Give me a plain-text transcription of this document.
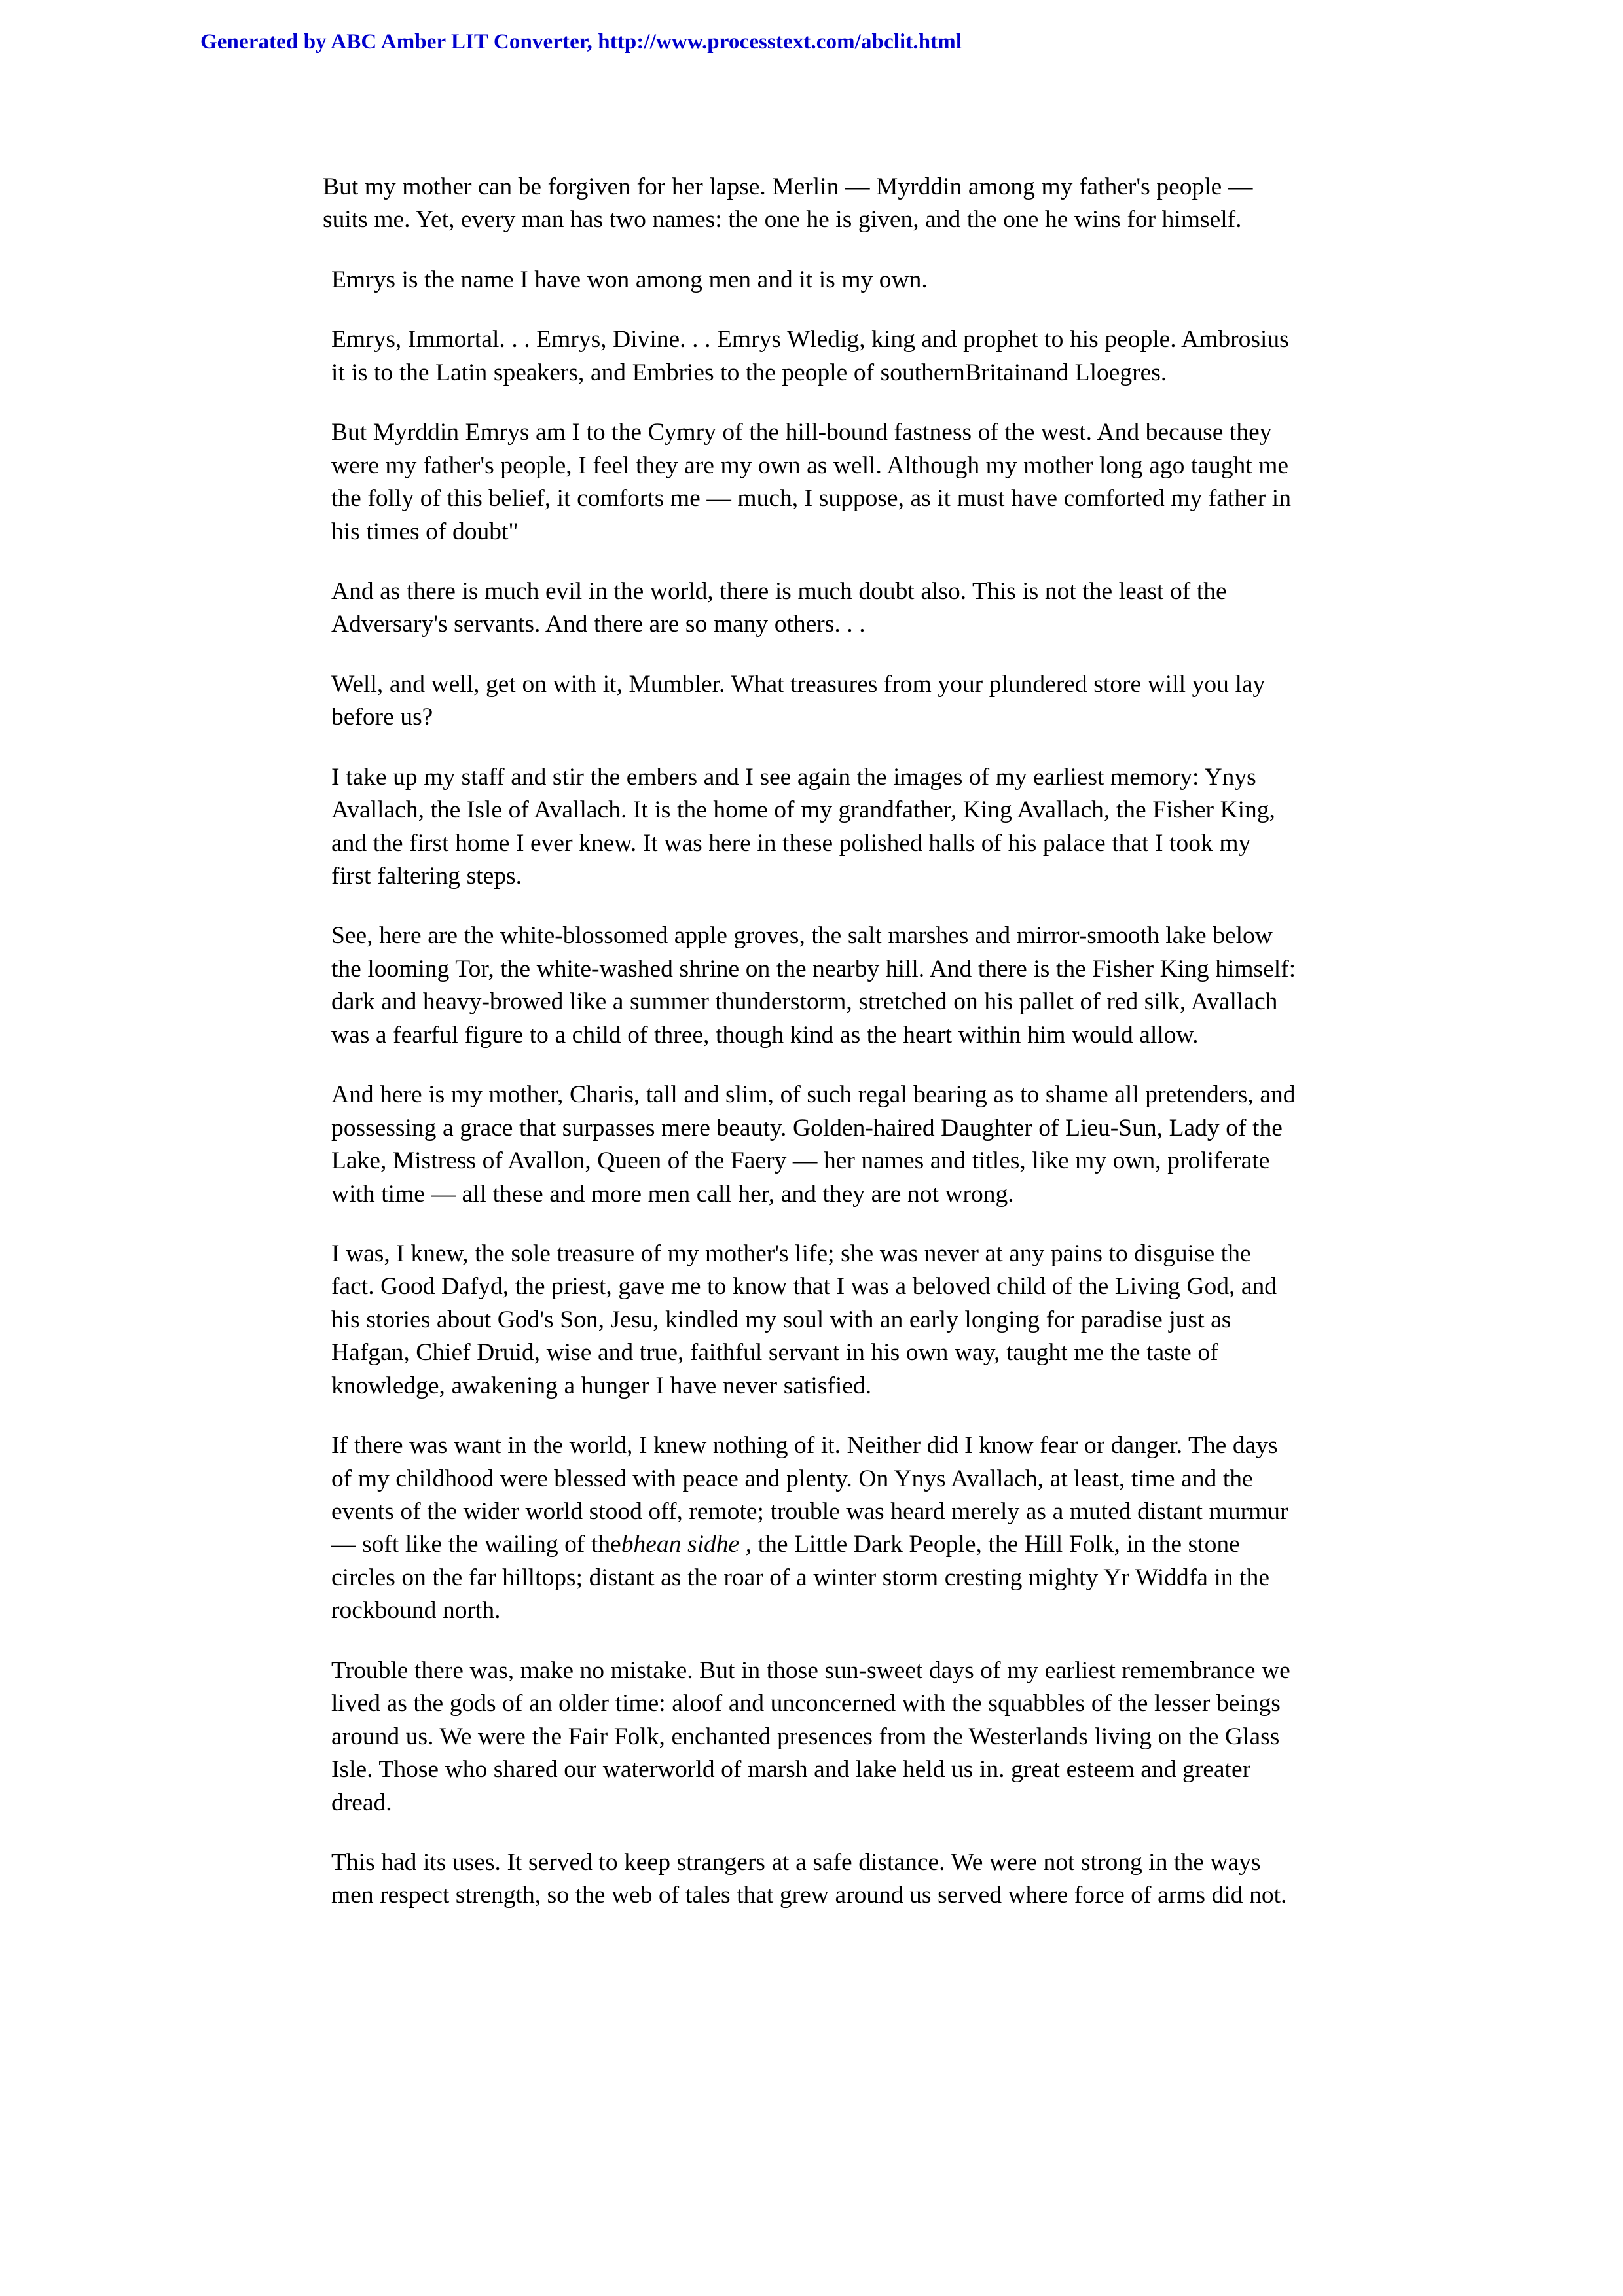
Generated by ABC Amber LIT Converter, http://www.processtext.com/abclit.html

But my mother can be forgiven for her lapse. Merlin — Myrddin among my father's people — suits me. Yet, every man has two names: the one he is given, and the one he wins for himself.

Emrys is the name I have won among men and it is my own.

Emrys, Immortal. . . Emrys, Divine. . . Emrys Wledig, king and prophet to his people. Ambrosius it is to the Latin speakers, and Embries to the people of southernBritainand Lloegres.

But Myrddin Emrys am I to the Cymry of the hill-bound fastness of the west. And because they were my father's people, I feel they are my own as well. Although my mother long ago taught me the folly of this belief, it comforts me — much, I suppose, as it must have comforted my father in his times of doubt"

And as there is much evil in the world, there is much doubt also. This is not the least of the Adversary's servants. And there are so many others. . .

Well, and well, get on with it, Mumbler. What treasures from your plundered store will you lay before us?

I take up my staff and stir the embers and I see again the images of my earliest memory: Ynys Avallach, the Isle of Avallach. It is the home of my grandfather, King Avallach, the Fisher King, and the first home I ever knew. It was here in these polished halls of his palace that I took my first faltering steps.

See, here are the white-blossomed apple groves, the salt marshes and mirror-smooth lake below the looming Tor, the white-washed shrine on the nearby hill. And there is the Fisher King himself: dark and heavy-browed like a summer thunderstorm, stretched on his pallet of red silk, Avallach was a fearful figure to a child of three, though kind as the heart within him would allow.

And here is my mother, Charis, tall and slim, of such regal bearing as to shame all pretenders, and possessing a grace that surpasses mere beauty. Golden-haired Daughter of Lieu-Sun, Lady of the Lake, Mistress of Avallon, Queen of the Faery — her names and titles, like my own, proliferate with time — all these and more men call her, and they are not wrong.

I was, I knew, the sole treasure of my mother's life; she was never at any pains to disguise the fact. Good Dafyd, the priest, gave me to know that I was a beloved child of the Living God, and his stories about God's Son, Jesu, kindled my soul with an early longing for paradise just as Hafgan, Chief Druid, wise and true, faithful servant in his own way, taught me the taste of knowledge, awakening a hunger I have never satisfied.

If there was want in the world, I knew nothing of it. Neither did I know fear or danger. The days of my childhood were blessed with peace and plenty. On Ynys Avallach, at least, time and the events of the wider world stood off, remote; trouble was heard merely as a muted distant murmur — soft like the wailing of thebhean sidhe , the Little Dark People, the Hill Folk, in the stone circles on the far hilltops; distant as the roar of a winter storm cresting mighty Yr Widdfa in the rockbound north.

Trouble there was, make no mistake. But in those sun-sweet days of my earliest remembrance we lived as the gods of an older time: aloof and unconcerned with the squabbles of the lesser beings around us. We were the Fair Folk, enchanted presences from the Westerlands living on the Glass Isle. Those who shared our waterworld of marsh and lake held us in. great esteem and greater dread.

This had its uses. It served to keep strangers at a safe distance. We were not strong in the ways men respect strength, so the web of tales that grew around us served where force of arms did not.
